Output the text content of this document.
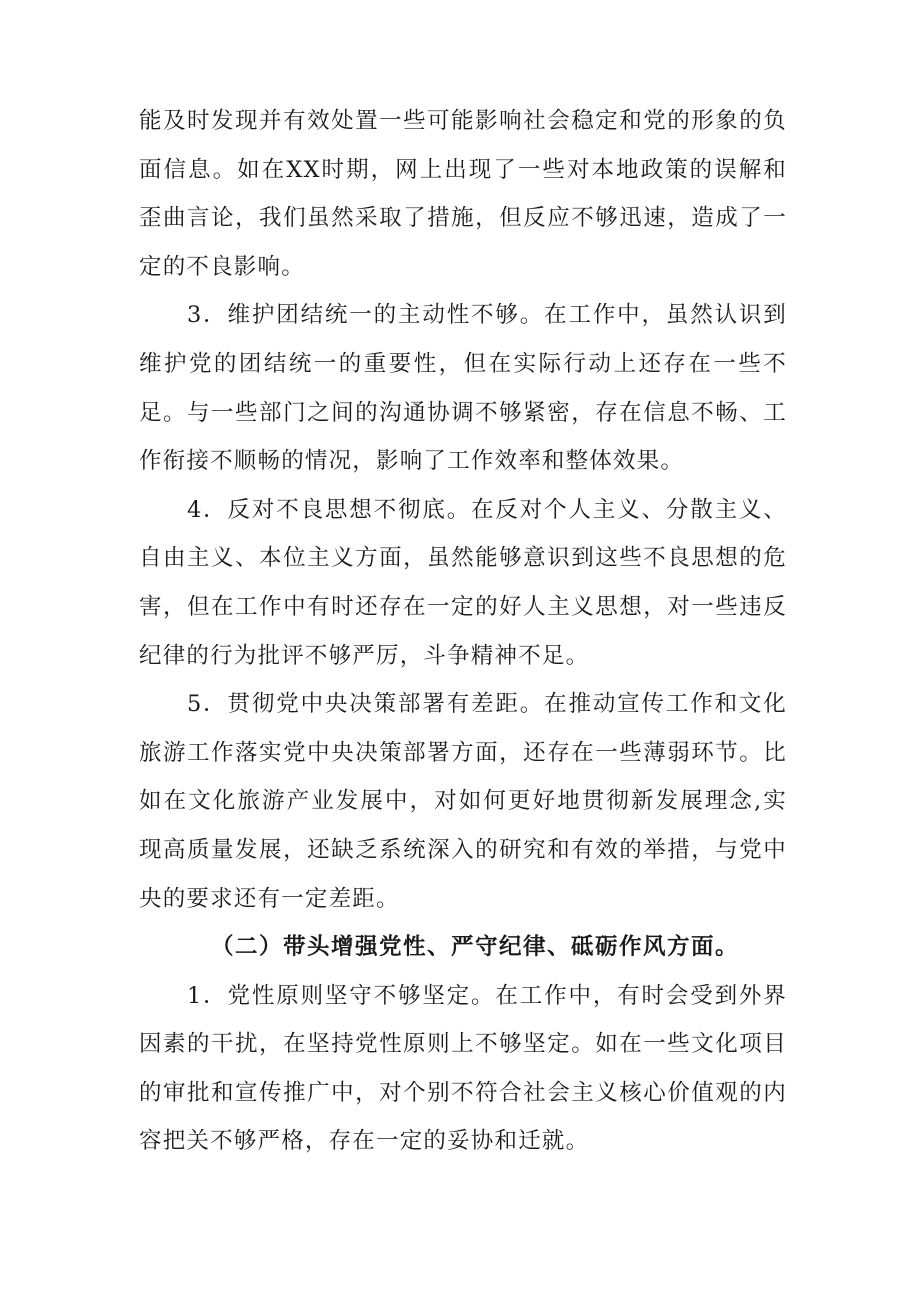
能及时发现并有效处置一些可能影响社会稳定和党的形象的负面信息。如在XX时期，网上出现了一些对本地政策的误解和歪曲言论，我们虽然采取了措施，但反应不够迅速，造成了一定的不良影响。

3．维护团结统一的主动性不够。在工作中，虽然认识到维护党的团结统一的重要性，但在实际行动上还存在一些不足。与一些部门之间的沟通协调不够紧密，存在信息不畅、工作衔接不顺畅的情况，影响了工作效率和整体效果。

4．反对不良思想不彻底。在反对个人主义、分散主义、自由主义、本位主义方面，虽然能够意识到这些不良思想的危害，但在工作中有时还存在一定的好人主义思想，对一些违反纪律的行为批评不够严厉，斗争精神不足。

5．贯彻党中央决策部署有差距。在推动宣传工作和文化旅游工作落实党中央决策部署方面，还存在一些薄弱环节。比如在文化旅游产业发展中，对如何更好地贯彻新发展理念,实现高质量发展，还缺乏系统深入的研究和有效的举措，与党中央的要求还有一定差距。

（二）带头增强党性、严守纪律、砥砺作风方面。

1．党性原则坚守不够坚定。在工作中，有时会受到外界因素的干扰，在坚持党性原则上不够坚定。如在一些文化项目的审批和宣传推广中，对个别不符合社会主义核心价值观的内容把关不够严格，存在一定的妥协和迁就。
